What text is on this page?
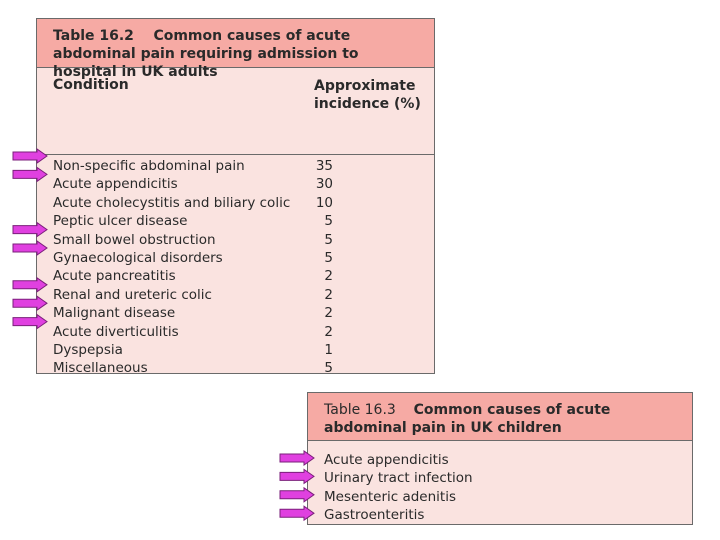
Table 16.2 Common causes of acute abdominal pain requiring admission to hospital in UK adults
Condition	Approximate incidence (%)
Non-specific abdominal pain	35
Acute appendicitis	30
Acute cholecystitis and biliary colic 10
Peptic ulcer disease	5
Small bowel obstruction	5
Gynaecological disorders	5
Acute pancreatitis	2
Renal and ureteric colic	2
Malignant disease	2
Acute diverticulitis	2
Dyspepsia	1
Miscellaneous	5
Table 16.3 Common causes of acute abdominal pain in UK children
Acute appendicitis
Urinary tract infection
Mesenteric adenitis
Gastroenteritis
